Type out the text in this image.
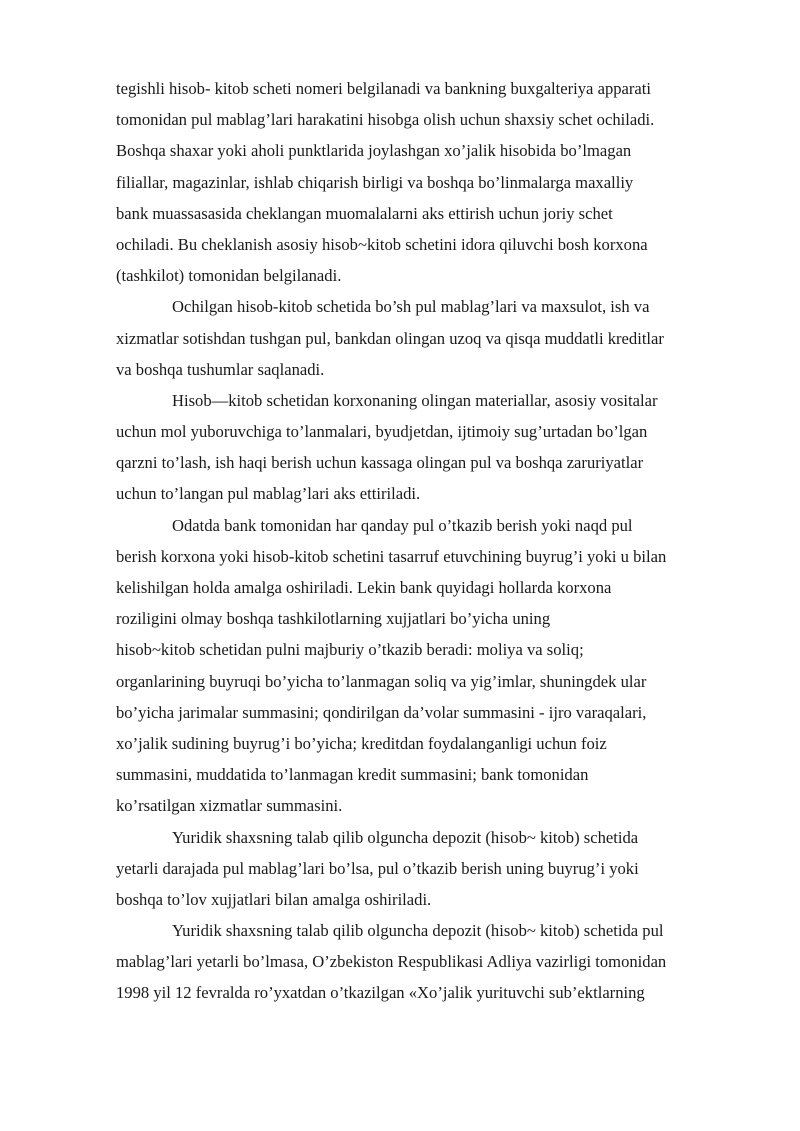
tegishli hisob- kitob scheti nomeri belgilanadi va bankning buxgalteriya apparati
tomonidan pul mablag’lari harakatini hisobga olish uchun shaxsiy schet ochiladi.
Boshqa shaxar yoki aholi punktlarida joylashgan xo’jalik hisobida bo’lmagan
filiallar, magazinlar, ishlab chiqarish birligi va boshqa bo’linmalarga maxalliy
bank muassasasida cheklangan muomalalarni aks ettirish uchun joriy schet
ochiladi. Bu cheklanish asosiy hisob~kitob schetini idora qiluvchi bosh korxona
(tashkilot) tomonidan belgilanadi.
Ochilgan hisob-kitob schetida bo’sh pul mablag’lari va maxsulot, ish va
xizmatlar sotishdan tushgan pul, bankdan olingan uzoq va qisqa muddatli kreditlar
va boshqa tushumlar saqlanadi.
Hisob—kitob schetidan korxonaning olingan materiallar, asosiy vositalar
uchun mol yuboruvchiga to’lanmalari, byudjetdan, ijtimoiy sug’urtadan bo’lgan
qarzni to’lash, ish haqi berish uchun kassaga olingan pul va boshqa zaruriyatlar
uchun to’langan pul mablag’lari aks ettiriladi.
Odatda bank tomonidan har qanday pul o’tkazib berish yoki naqd pul
berish korxona yoki hisob-kitob schetini tasarruf etuvchining buyrug’i yoki u bilan
kelishilgan holda amalga oshiriladi. Lekin bank quyidagi hollarda korxona
roziligini olmay boshqa tashkilotlarning xujjatlari bo’yicha uning
hisob~kitob schetidan pulni majburiy o’tkazib beradi: moliya va soliq;
organlarining buyruqi bo’yicha to’lanmagan soliq va yig’imlar, shuningdek ular
bo’yicha jarimalar summasini; qondirilgan da’volar summasini - ijro varaqalari,
xo’jalik sudining buyrug’i bo’yicha; kreditdan foydalanganligi uchun foiz
summasini, muddatida to’lanmagan kredit summasini; bank tomonidan
ko’rsatilgan xizmatlar summasini.
Yuridik shaxsning talab qilib olguncha depozit (hisob~ kitob) schetida
yetarli darajada pul mablag’lari bo’lsa, pul o’tkazib berish uning buyrug’i yoki
boshqa to’lov xujjatlari bilan amalga oshiriladi.
Yuridik shaxsning talab qilib olguncha depozit (hisob~ kitob) schetida pul
mablag’lari yetarli bo’lmasa, O’zbekiston Respublikasi Adliya vazirligi tomonidan
1998 yil 12 fevralda ro’yxatdan o’tkazilgan «Xo’jalik yurituvchi sub’ektlarning
